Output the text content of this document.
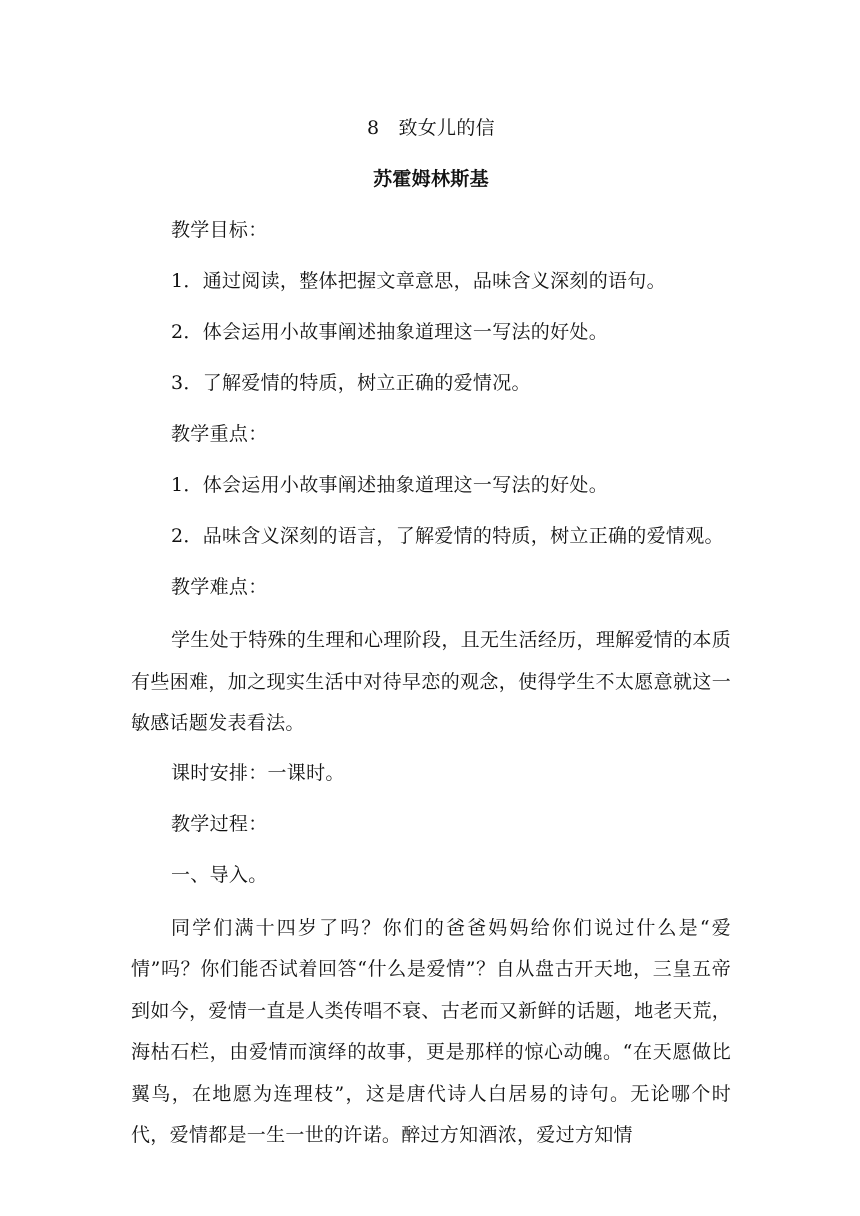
8   致女儿的信
苏霍姆林斯基
教学目标：
1．通过阅读，整体把握文章意思，品味含义深刻的语句。
2．体会运用小故事阐述抽象道理这一写法的好处。
3．了解爱情的特质，树立正确的爱情况。
教学重点：
1．体会运用小故事阐述抽象道理这一写法的好处。
2．品味含义深刻的语言，了解爱情的特质，树立正确的爱情观。
教学难点：
学生处于特殊的生理和心理阶段，且无生活经历，理解爱情的本质有些困难，加之现实生活中对待早恋的观念，使得学生不太愿意就这一敏感话题发表看法。
课时安排：一课时。
教学过程：
一、导入。
同学们满十四岁了吗？你们的爸爸妈妈给你们说过什么是“爱情”吗？你们能否试着回答“什么是爱情”？自从盘古开天地，三皇五帝到如今，爱情一直是人类传唱不衰、古老而又新鲜的话题，地老天荒，海枯石栏，由爱情而演绎的故事，更是那样的惊心动魄。“在天愿做比翼鸟，在地愿为连理枝”，这是唐代诗人白居易的诗句。无论哪个时代，爱情都是一生一世的许诺。醉过方知酒浓，爱过方知情
